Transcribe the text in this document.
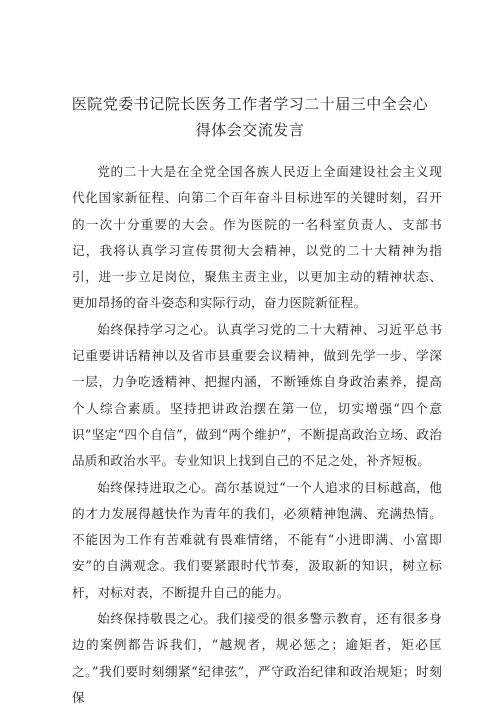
医院党委书记院长医务工作者学习二十届三中全会心
得体会交流发言

党的二十大是在全党全国各族人民迈上全面建设社会主义现代化国家新征程、向第二个百年奋斗目标进军的关键时刻，召开的一次十分重要的大会。作为医院的一名科室负责人、支部书记，我将认真学习宣传贯彻大会精神，以党的二十大精神为指引，进一步立足岗位，聚焦主责主业，以更加主动的精神状态、更加昂扬的奋斗姿态和实际行动，奋力医院新征程。

始终保持学习之心。认真学习党的二十大精神、习近平总书记重要讲话精神以及省市县重要会议精神，做到先学一步、学深一层，力争吃透精神、把握内涵，不断锤炼自身政治素养，提高个人综合素质。坚持把讲政治摆在第一位，切实增强“四个意识”坚定“四个自信”，做到“两个维护”，不断提高政治立场、政治品质和政治水平。专业知识上找到自己的不足之处，补齐短板。

始终保持进取之心。高尔基说过“一个人追求的目标越高，他的才力发展得越快作为青年的我们，必须精神饱满、充满热情。不能因为工作有苦难就有畏难情绪，不能有“小进即满、小富即安”的自满观念。我们要紧跟时代节奏，汲取新的知识，树立标杆，对标对表，不断提升自己的能力。

始终保持敬畏之心。我们接受的很多警示教育，还有很多身边的案例都告诉我们，“越规者，规必惩之；逾矩者，矩必匡之。”我们要时刻绷紧“纪律弦”，严守政治纪律和政治规矩；时刻保
